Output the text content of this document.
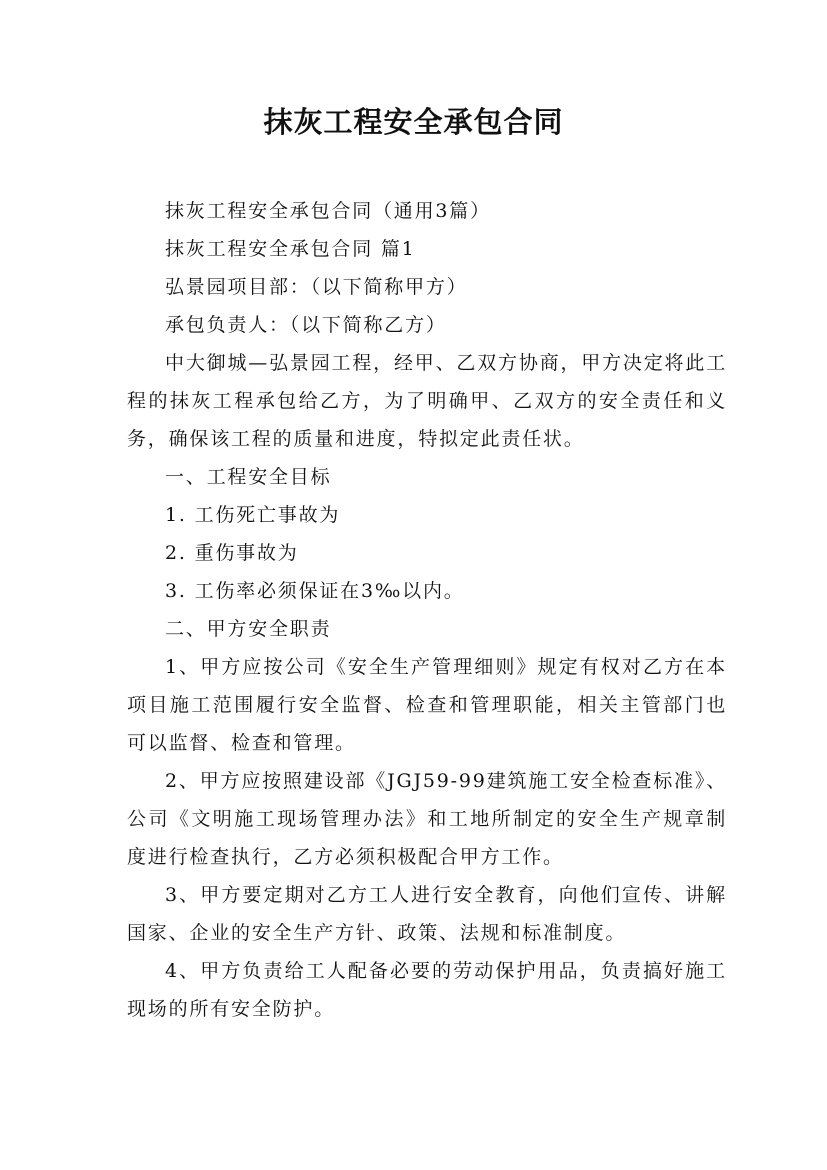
抹灰工程安全承包合同

抹灰工程安全承包合同（通用3篇）

抹灰工程安全承包合同 篇1

弘景园项目部：（以下简称甲方）

承包负责人：（以下简称乙方）

中大御城—弘景园工程，经甲、乙双方协商，甲方决定将此工程的抹灰工程承包给乙方，为了明确甲、乙双方的安全责任和义务，确保该工程的质量和进度，特拟定此责任状。

一、工程安全目标

1. 工伤死亡事故为

2. 重伤事故为

3. 工伤率必须保证在3‰以内。

二、甲方安全职责

1、甲方应按公司《安全生产管理细则》规定有权对乙方在本项目施工范围履行安全监督、检查和管理职能，相关主管部门也可以监督、检查和管理。

2、甲方应按照建设部《JGJ59-99建筑施工安全检查标准》、公司《文明施工现场管理办法》和工地所制定的安全生产规章制度进行检查执行，乙方必须积极配合甲方工作。

3、甲方要定期对乙方工人进行安全教育，向他们宣传、讲解国家、企业的安全生产方针、政策、法规和标准制度。

4、甲方负责给工人配备必要的劳动保护用品，负责搞好施工现场的所有安全防护。
